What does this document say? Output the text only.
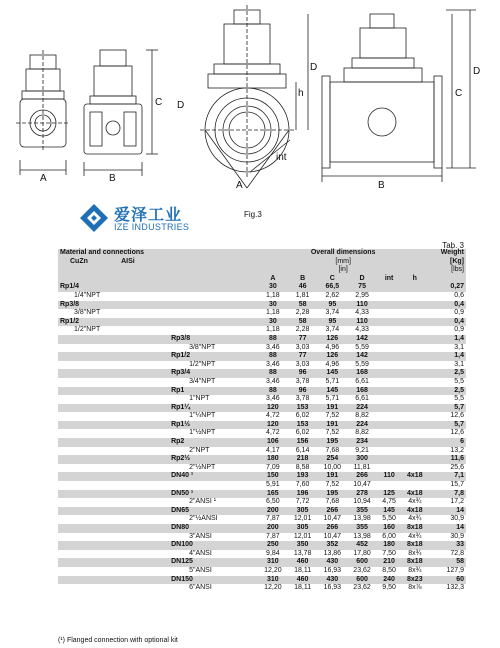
A	B
C D
A
int
h
D
B
C
D
爱泽工业
IZE INDUSTRIES
Fig.3
Tab. 3
Material and connections		Overall dimensions						Weight
CuZn	AISi	[mm]						[Kg]
		[in]						[lbs]
		A	B	C	D	int	h	
Rp1/4		30	46	66,5	75			0,27
1/4"NPT		1,18	1,81	2,62	2,95			0,6
Rp3/8		30	58	95	110			0,4
3/8"NPT		1,18	2,28	3,74	4,33			0,9
Rp1/2		30	58	95	110			0,4
1/2"NPT		1,18	2,28	3,74	4,33			0,9
	Rp3/8	88	77	126	142			1,4
	3/8"NPT	3,46	3,03	4,96	5,59			3,1
	Rp1/2	88	77	126	142			1,4
	1/2"NPT	3,46	3,03	4,96	5,59			3,1
	Rp3/4	88	96	145	168			2,5
	3/4"NPT	3,46	3,78	5,71	6,61			5,5
	Rp1	88	96	145	168			2,5
	1"NPT	3,46	3,78	5,71	6,61			5,5
	Rp1¼	120	153	191	224			5,7
	1"¼NPT	4,72	6,02	7,52	8,82			12,6
	Rp1½	120	153	191	224			5,7
	1"½NPT	4,72	6,02	7,52	8,82			12,6
	Rp2	106	156	195	234			6
	2"NPT	4,17	6,14	7,68	9,21			13,2
	Rp2½	180	218	254	300			11,6
	2"½NPT	7,09	8,58	10,00	11,81			25,6
	DN40 ¹	150	193	191	266	110	4x18	7,1
		5,91	7,60	7,52	10,47			15,7
	DN50 ¹	165	196	195	278	125	4x18	7,8
	2"ANSI ¹	6,50	7,72	7,68	10,94	4,75	4x¾	17,2
	DN65	200	305	266	355	145	4x18	14
	2"½ANSI	7,87	12,01	10,47	13,98	5,50	4x¾	30,9
	DN80	200	305	266	355	160	8x18	14
	3"ANSI	7,87	12,01	10,47	13,98	6,00	4x¾	30,9
	DN100	250	350	352	452	180	8x18	33
	4"ANSI	9,84	13,78	13,86	17,80	7,50	8x¾	72,8
	DN125	310	460	430	600	210	8x18	58
	5"ANSI	12,20	18,11	16,93	23,62	8,50	8x¾	127,9
	DN150	310	460	430	600	240	8x23	60
	6"ANSI	12,20	18,11	16,93	23,62	9,50	8x⅞	132,3
(¹) Flanged connection with optional kit
